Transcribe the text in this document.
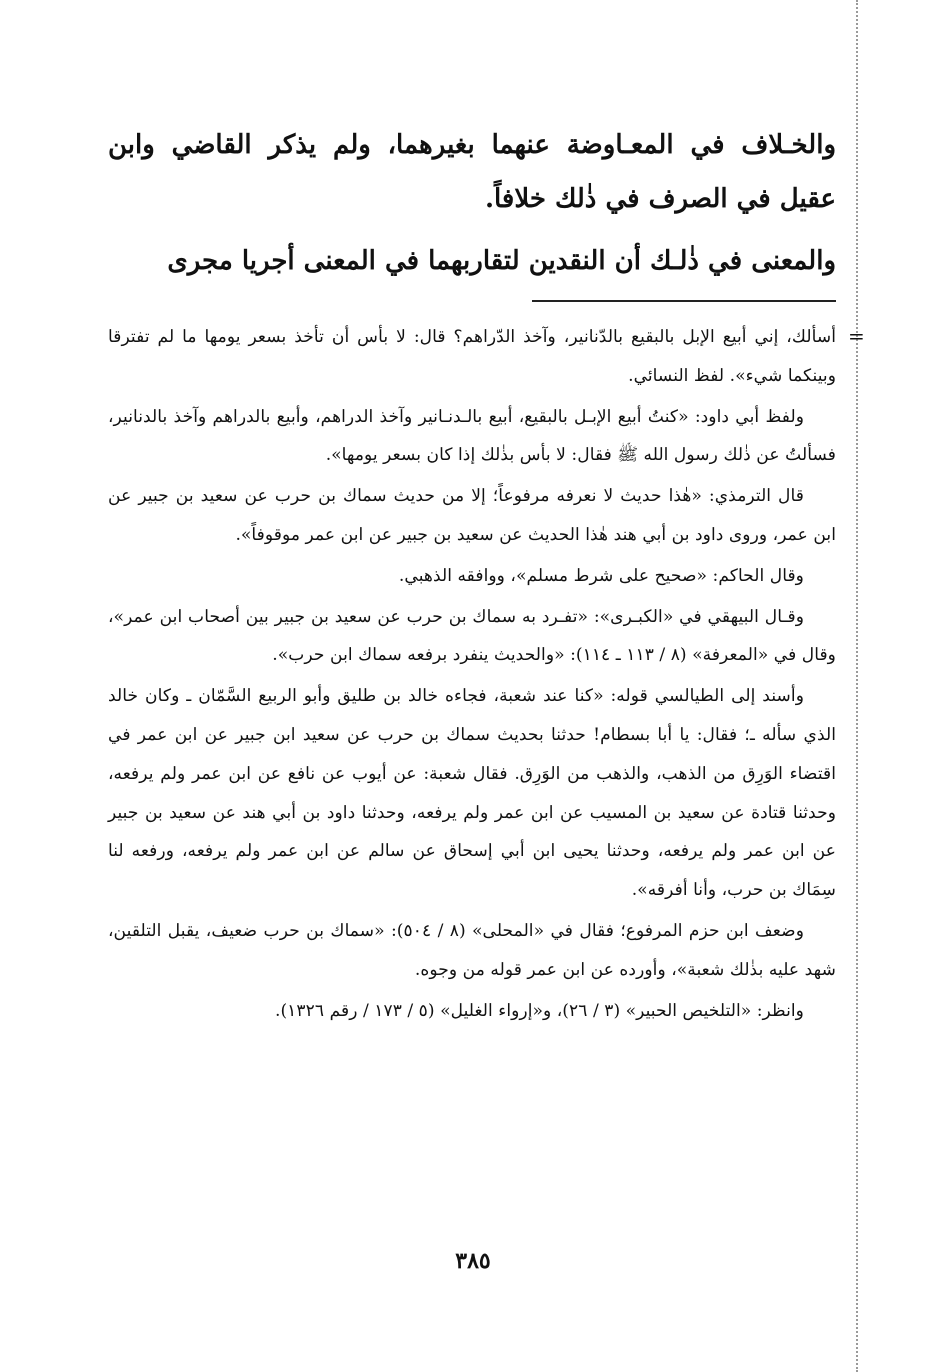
والخـلاف في المعـاوضة عنهما بغيرهما، ولم يذكر القاضي وابن عقيل في الصرف في ذٰلك خلافاً.

والمعنى في ذٰلـك أن النقدين لتقاربهما في المعنى أجريا مجرى

=

أسألك، إني أبيع الإبل بالبقيع بالدّنانير، وآخذ الدّراهم؟ قال: لا بأس أن تأخذ بسعر يومها ما لم تفترقا وبينكما شيء». لفظ النسائي.

ولفظ أبي داود: «كنتُ أبيع الإبـل بالبقيع، أبيع بالـدنـانير وآخذ الدراهم، وأبيع بالدراهم وآخذ بالدنانير، فسألتُ عن ذٰلك رسول الله ﷺ فقال: لا بأس بذٰلك إذا كان بسعر يومها».

قال الترمذي: «هٰذا حديث لا نعرفه مرفوعاً؛ إلا من حديث سماك بن حرب عن سعيد بن جبير عن ابن عمر، وروى داود بن أبي هند هٰذا الحديث عن سعيد بن جبير عن ابن عمر موقوفاً».

وقال الحاكم: «صحيح على شرط مسلم»، ووافقه الذهبي.

وقـال البيهقي في «الكبـرى»: «تفـرد به سماك بن حرب عن سعيد بن جبير بين أصحاب ابن عمر»، وقال في «المعرفة» (٨ / ١١٣ ـ ١١٤): «والحديث ينفرد برفعه سماك ابن حرب».

وأسند إلى الطيالسي قوله: «كنا عند شعبة، فجاءه خالد بن طليق وأبو الربيع السَّمّان ـ وكان خالد الذي سأله ـ؛ فقال: يا أبا بسطام! حدثنا بحديث سماك بن حرب عن سعيد ابن جبير عن ابن عمر في اقتضاء الوَرِق من الذهب، والذهب من الوَرِق. فقال شعبة: عن أيوب عن نافع عن ابن عمر ولم يرفعه، وحدثنا قتادة عن سعيد بن المسيب عن ابن عمر ولم يرفعه، وحدثنا داود بن أبي هند عن سعيد بن جبير عن ابن عمر ولم يرفعه، وحدثنا يحيى ابن أبي إسحاق عن سالم عن ابن عمر ولم يرفعه، ورفعه لنا سِمَاك بن حرب، وأنا أفرقه».

وضعف ابن حزم المرفوع؛ فقال في «المحلى» (٨ / ٥٠٤): «سماك بن حرب ضعيف، يقبل التلقين، شهد عليه بذٰلك شعبة»، وأورده عن ابن عمر قوله من وجوه.

وانظر: «التلخيص الحبير» (٣ / ٢٦)، و«إرواء الغليل» (٥ / ١٧٣ / رقم ١٣٢٦).

٣٨٥
